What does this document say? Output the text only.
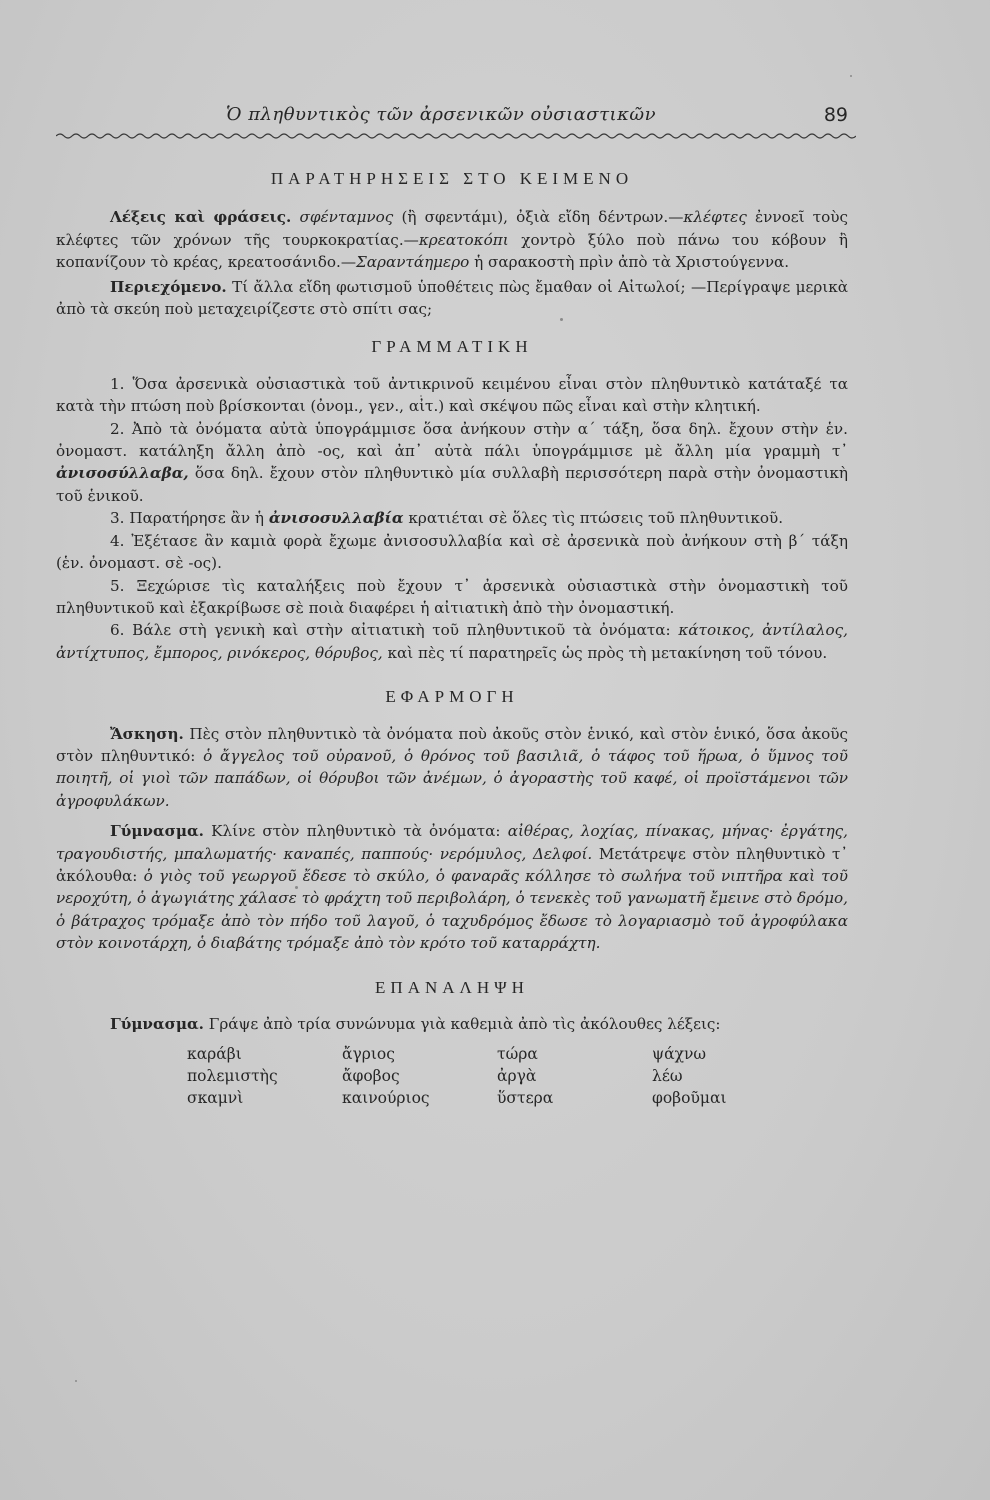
Ὁ πληθυντικὸς τῶν ἀρσενικῶν οὐσιαστικῶν	89
ΠΑΡΑΤΗΡΗΣΕΙΣ ΣΤΟ ΚΕΙΜΕΝΟ

Λέξεις καὶ φράσεις. σφένταμνος (ἢ σφεντάμι), ὀξιὰ εἴδη δέντρων.—κλέφτες ἐννοεῖ τοὺς κλέφτες τῶν χρόνων τῆς τουρκοκρατίας.—κρεατοκόπι χοντρὸ ξύλο ποὺ πάνω του κόβουν ἢ κοπανίζουν τὸ κρέας, κρεατοσάνιδο.—Σαραντάημερο ἡ σαρακοστὴ πρὶν ἀπὸ τὰ Χριστούγεννα.

Περιεχόμενο. Τί ἄλλα εἴδη φωτισμοῦ ὑποθέτεις πὼς ἔμαθαν οἱ Αἰτωλοί; —Περίγραψε μερικὰ ἀπὸ τὰ σκεύη ποὺ μεταχειρίζεστε στὸ σπίτι σας;

ΓΡΑΜΜΑΤΙΚΗ

1. Ὅσα ἀρσενικὰ οὐσιαστικὰ τοῦ ἀντικρινοῦ κειμένου εἶναι στὸν πληθυντικὸ κατάταξέ τα κατὰ τὴν πτώση ποὺ βρίσκονται (ὀνομ., γεν., αἰτ.) καὶ σκέψου πῶς εἶναι καὶ στὴν κλητική.

2. Ἀπὸ τὰ ὀνόματα αὐτὰ ὑπογράμμισε ὅσα ἀνήκουν στὴν α΄ τάξη, ὅσα δηλ. ἔχουν στὴν ἑν. ὀνομαστ. κατάληξη ἄλλη ἀπὸ -ος, καὶ ἀπ᾽ αὐτὰ πάλι ὑπογράμμισε μὲ ἄλλη μία γραμμὴ τ᾽ ἀνισοσύλλαβα, ὅσα δηλ. ἔχουν στὸν πληθυντικὸ μία συλλαβὴ περισσότερη παρὰ στὴν ὀνομαστικὴ τοῦ ἑνικοῦ.

3. Παρατήρησε ἂν ἡ ἀνισοσυλλαβία κρατιέται σὲ ὅλες τὶς πτώσεις τοῦ πληθυντικοῦ.

4. Ἐξέτασε ἂν καμιὰ φορὰ ἔχωμε ἀνισοσυλλαβία καὶ σὲ ἀρσενικὰ ποὺ ἀνήκουν στὴ β΄ τάξη (ἑν. ὀνομαστ. σὲ -ος).

5. Ξεχώρισε τὶς καταλήξεις ποὺ ἔχουν τ᾽ ἀρσενικὰ οὐσιαστικὰ στὴν ὀνομαστικὴ τοῦ πληθυντικοῦ καὶ ἐξακρίβωσε σὲ ποιὰ διαφέρει ἡ αἰτιατικὴ ἀπὸ τὴν ὀνομαστική.

6. Βάλε στὴ γενικὴ καὶ στὴν αἰτιατικὴ τοῦ πληθυντικοῦ τὰ ὀνόματα: κάτοικος, ἀντίλαλος, ἀντίχτυπος, ἔμπορος, ρινόκερος, θόρυβος, καὶ πὲς τί παρατηρεῖς ὡς πρὸς τὴ μετακίνηση τοῦ τόνου.

ΕΦΑΡΜΟΓΗ

Ἄσκηση. Πὲς στὸν πληθυντικὸ τὰ ὀνόματα ποὺ ἀκοῦς στὸν ἑνικό, καὶ στὸν ἑνικό, ὅσα ἀκοῦς στὸν πληθυντικό: ὁ ἄγγελος τοῦ οὐρανοῦ, ὁ θρόνος τοῦ βασιλιᾶ, ὁ τάφος τοῦ ἥρωα, ὁ ὕμνος τοῦ ποιητῆ, οἱ γιοὶ τῶν παπάδων, οἱ θόρυβοι τῶν ἀνέμων, ὁ ἀγοραστὴς τοῦ καφέ, οἱ προϊστάμενοι τῶν ἀγροφυλάκων.

Γύμνασμα. Κλίνε στὸν πληθυντικὸ τὰ ὀνόματα: αἰθέρας, λοχίας, πίνακας, μήνας· ἐργάτης, τραγουδιστής, μπαλωματής· καναπές, παππούς· νερόμυλος, Δελφοί. Μετάτρεψε στὸν πληθυντικὸ τ᾽ ἀκόλουθα: ὁ γιὸς τοῦ γεωργοῦ ἔδεσε τὸ σκύλο, ὁ φαναρᾶς κόλλησε τὸ σωλήνα τοῦ νιπτῆρα καὶ τοῦ νεροχύτη, ὁ ἀγωγιάτης χάλασε τὸ φράχτη τοῦ περιβολάρη, ὁ τενεκὲς τοῦ γανωματῆ ἔμεινε στὸ δρόμο, ὁ βάτραχος τρόμαξε ἀπὸ τὸν πήδο τοῦ λαγοῦ, ὁ ταχυδρόμος ἔδωσε τὸ λογαριασμὸ τοῦ ἀγροφύλακα στὸν κοινοτάρχη, ὁ διαβάτης τρόμαξε ἀπὸ τὸν κρότο τοῦ καταρράχτη.

ΕΠΑΝΑΛΗΨΗ

Γύμνασμα. Γράψε ἀπὸ τρία συνώνυμα γιὰ καθεμιὰ ἀπὸ τὶς ἀκόλουθες λέξεις:

καράβι	ἄγριος	τώρα	ψάχνω
πολεμιστὴς	ἄφοβος	ἀργὰ	λέω
σκαμνὶ	καινούριος	ὕστερα	φοβοῦμαι
